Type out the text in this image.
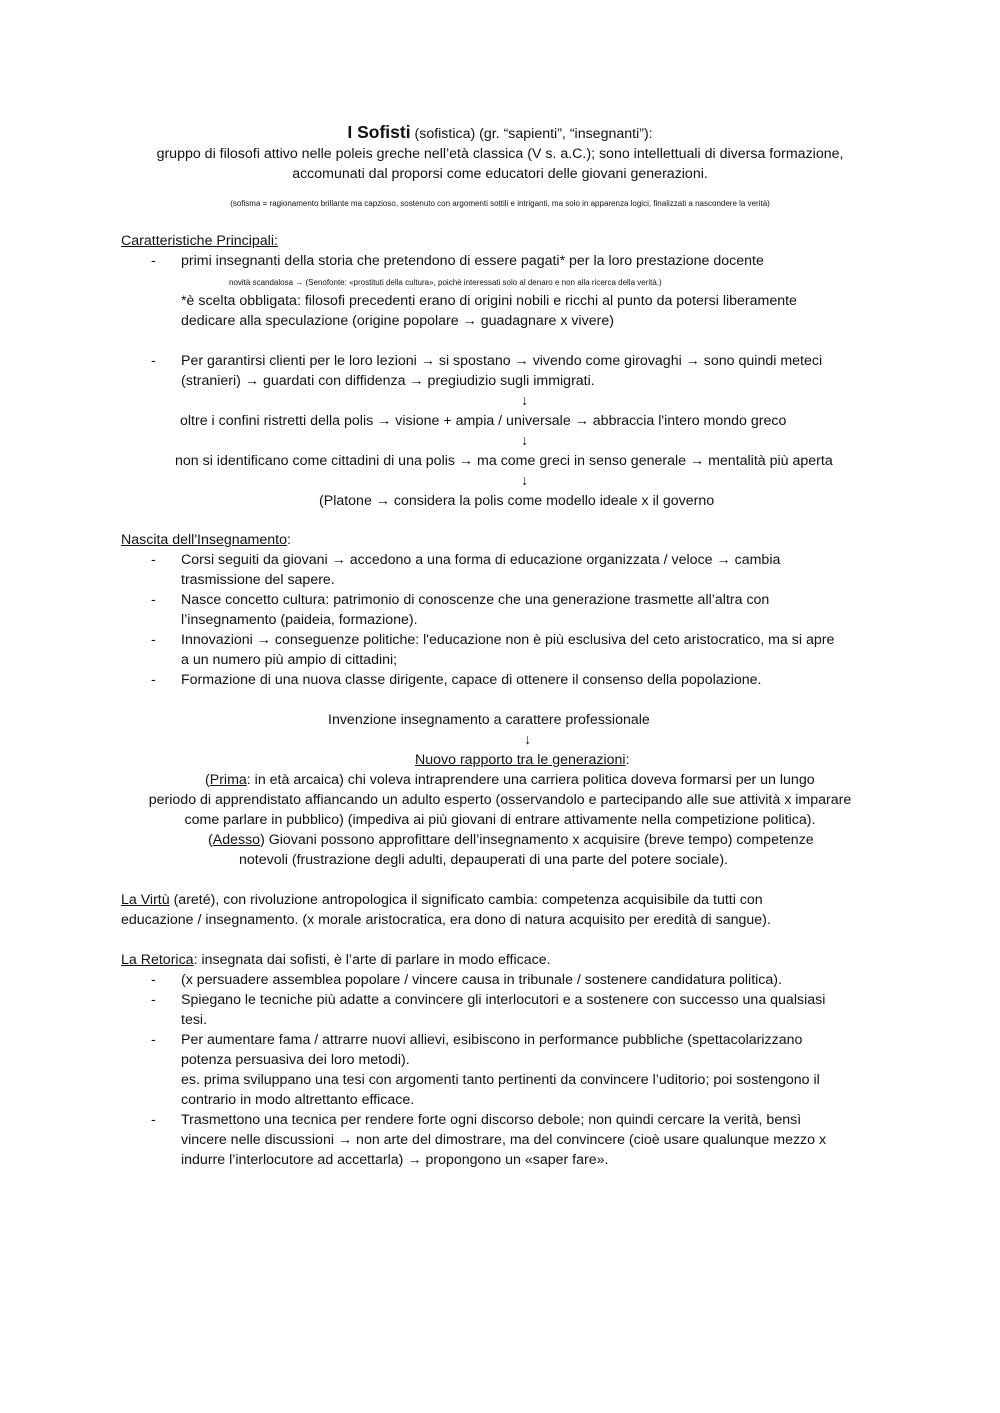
I Sofisti (sofistica) (gr. “sapienti”, “insegnanti”):
gruppo di filosofi attivo nelle poleis greche nell’età classica (V s. a.C.); sono intellettuali di diversa formazione,
accomunati dal proporsi come educatori delle giovani generazioni.
(sofisma = ragionamento brillante ma capzioso, sostenuto con argomenti sottili e intriganti, ma solo in apparenza logici, finalizzati a nascondere la verità)
Caratteristiche Principali:
-	primi insegnanti della storia che pretendono di essere pagati* per la loro prestazione docente
novità scandalosa → (Senofonte: «prostituti della cultura», poichè interessati solo al denaro e non alla ricerca della verità.)
*è scelta obbligata: filosofi precedenti erano di origini nobili e ricchi al punto da potersi liberamente
dedicare alla speculazione (origine popolare → guadagnare x vivere)
-	Per garantirsi clienti per le loro lezioni → si spostano → vivendo come girovaghi → sono quindi meteci
(stranieri) → guardati con diffidenza → pregiudizio sugli immigrati.
↓
oltre i confini ristretti della polis → visione + ampia / universale → abbraccia l'intero mondo greco
↓
non si identificano come cittadini di una polis → ma come greci in senso generale → mentalità più aperta
↓
(Platone → considera la polis come modello ideale x il governo
Nascita dell'Insegnamento:
-	Corsi seguiti da giovani → accedono a una forma di educazione organizzata / veloce → cambia
trasmissione del sapere.
-	Nasce concetto cultura: patrimonio di conoscenze che una generazione trasmette all’altra con
l’insegnamento (paideia, formazione).
-	Innovazioni → conseguenze politiche: l'educazione non è più esclusiva del ceto aristocratico, ma si apre
a un numero più ampio di cittadini;
-	Formazione di una nuova classe dirigente, capace di ottenere il consenso della popolazione.
Invenzione insegnamento a carattere professionale
↓
Nuovo rapporto tra le generazioni:
(Prima: in età arcaica) chi voleva intraprendere una carriera politica doveva formarsi per un lungo
periodo di apprendistato affiancando un adulto esperto (osservandolo e partecipando alle sue attività x imparare
come parlare in pubblico) (impediva ai più giovani di entrare attivamente nella competizione politica).
(Adesso) Giovani possono approfittare dell’insegnamento x acquisire (breve tempo) competenze
notevoli (frustrazione degli adulti, depauperati di una parte del potere sociale).
La Virtù (areté), con rivoluzione antropologica il significato cambia: competenza acquisibile da tutti con
educazione / insegnamento. (x morale aristocratica, era dono di natura acquisito per eredità di sangue).
La Retorica: insegnata dai sofisti, è l’arte di parlare in modo efficace.
-	(x persuadere assemblea popolare / vincere causa in tribunale / sostenere candidatura politica).
-	Spiegano le tecniche più adatte a convincere gli interlocutori e a sostenere con successo una qualsiasi
tesi.
-	Per aumentare fama / attrarre nuovi allievi, esibiscono in performance pubbliche (spettacolarizzano
potenza persuasiva dei loro metodi).
es. prima sviluppano una tesi con argomenti tanto pertinenti da convincere l’uditorio; poi sostengono il
contrario in modo altrettanto efficace.
-	Trasmettono una tecnica per rendere forte ogni discorso debole; non quindi cercare la verità, bensì
vincere nelle discussioni → non arte del dimostrare, ma del convincere (cioè usare qualunque mezzo x
indurre l’interlocutore ad accettarla) → propongono un «saper fare».
